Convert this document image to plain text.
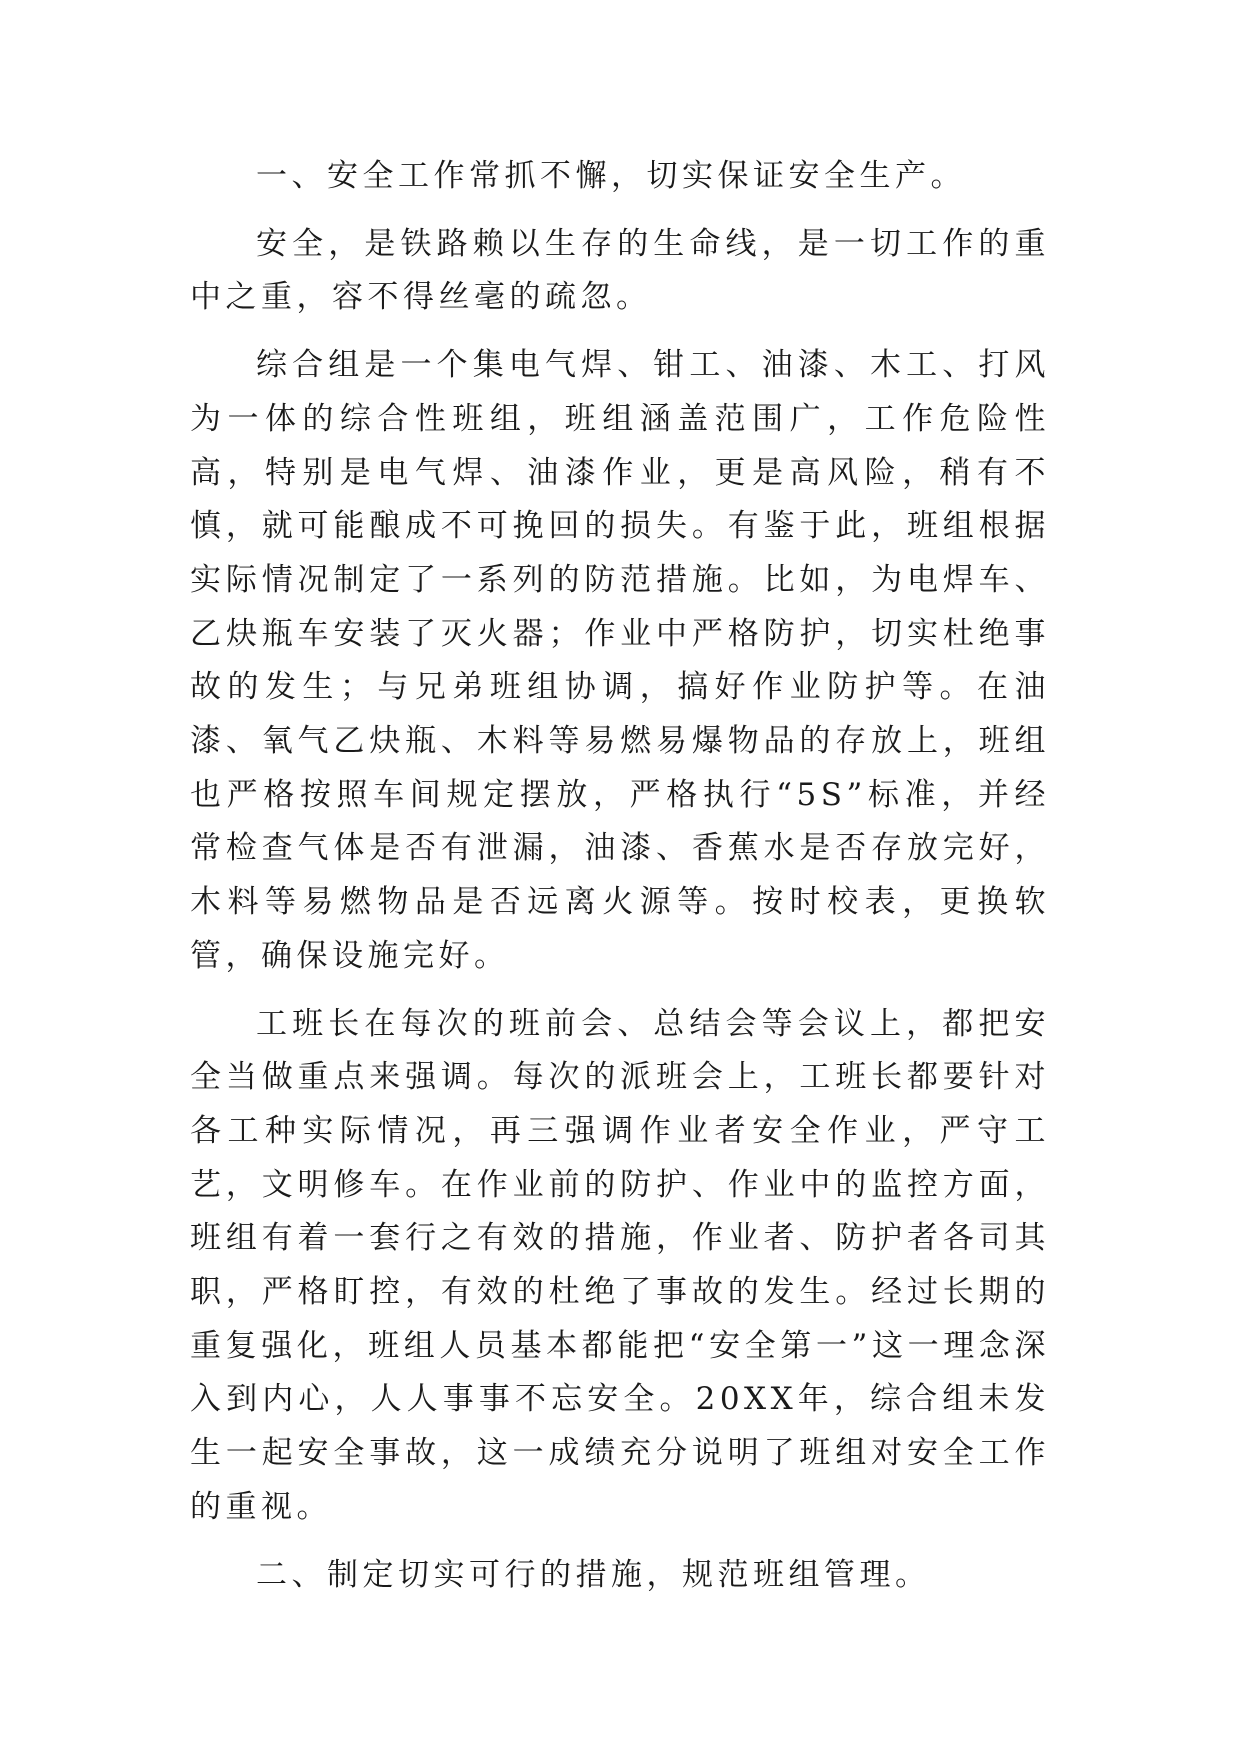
一、安全工作常抓不懈，切实保证安全生产。

安全，是铁路赖以生存的生命线，是一切工作的重中之重，容不得丝毫的疏忽。

综合组是一个集电气焊、钳工、油漆、木工、打风为一体的综合性班组，班组涵盖范围广，工作危险性高，特别是电气焊、油漆作业，更是高风险，稍有不慎，就可能酿成不可挽回的损失。有鉴于此，班组根据实际情况制定了一系列的防范措施。比如，为电焊车、乙炔瓶车安装了灭火器；作业中严格防护，切实杜绝事故的发生；与兄弟班组协调，搞好作业防护等。在油漆、氧气乙炔瓶、木料等易燃易爆物品的存放上，班组也严格按照车间规定摆放，严格执行“5S”标准，并经常检查气体是否有泄漏，油漆、香蕉水是否存放完好，木料等易燃物品是否远离火源等。按时校表，更换软管，确保设施完好。

工班长在每次的班前会、总结会等会议上，都把安全当做重点来强调。每次的派班会上，工班长都要针对各工种实际情况，再三强调作业者安全作业，严守工艺，文明修车。在作业前的防护、作业中的监控方面，班组有着一套行之有效的措施，作业者、防护者各司其职，严格盯控，有效的杜绝了事故的发生。经过长期的重复强化，班组人员基本都能把“安全第一”这一理念深入到内心，人人事事不忘安全。20XX年，综合组未发生一起安全事故，这一成绩充分说明了班组对安全工作的重视。

二、制定切实可行的措施，规范班组管理。
